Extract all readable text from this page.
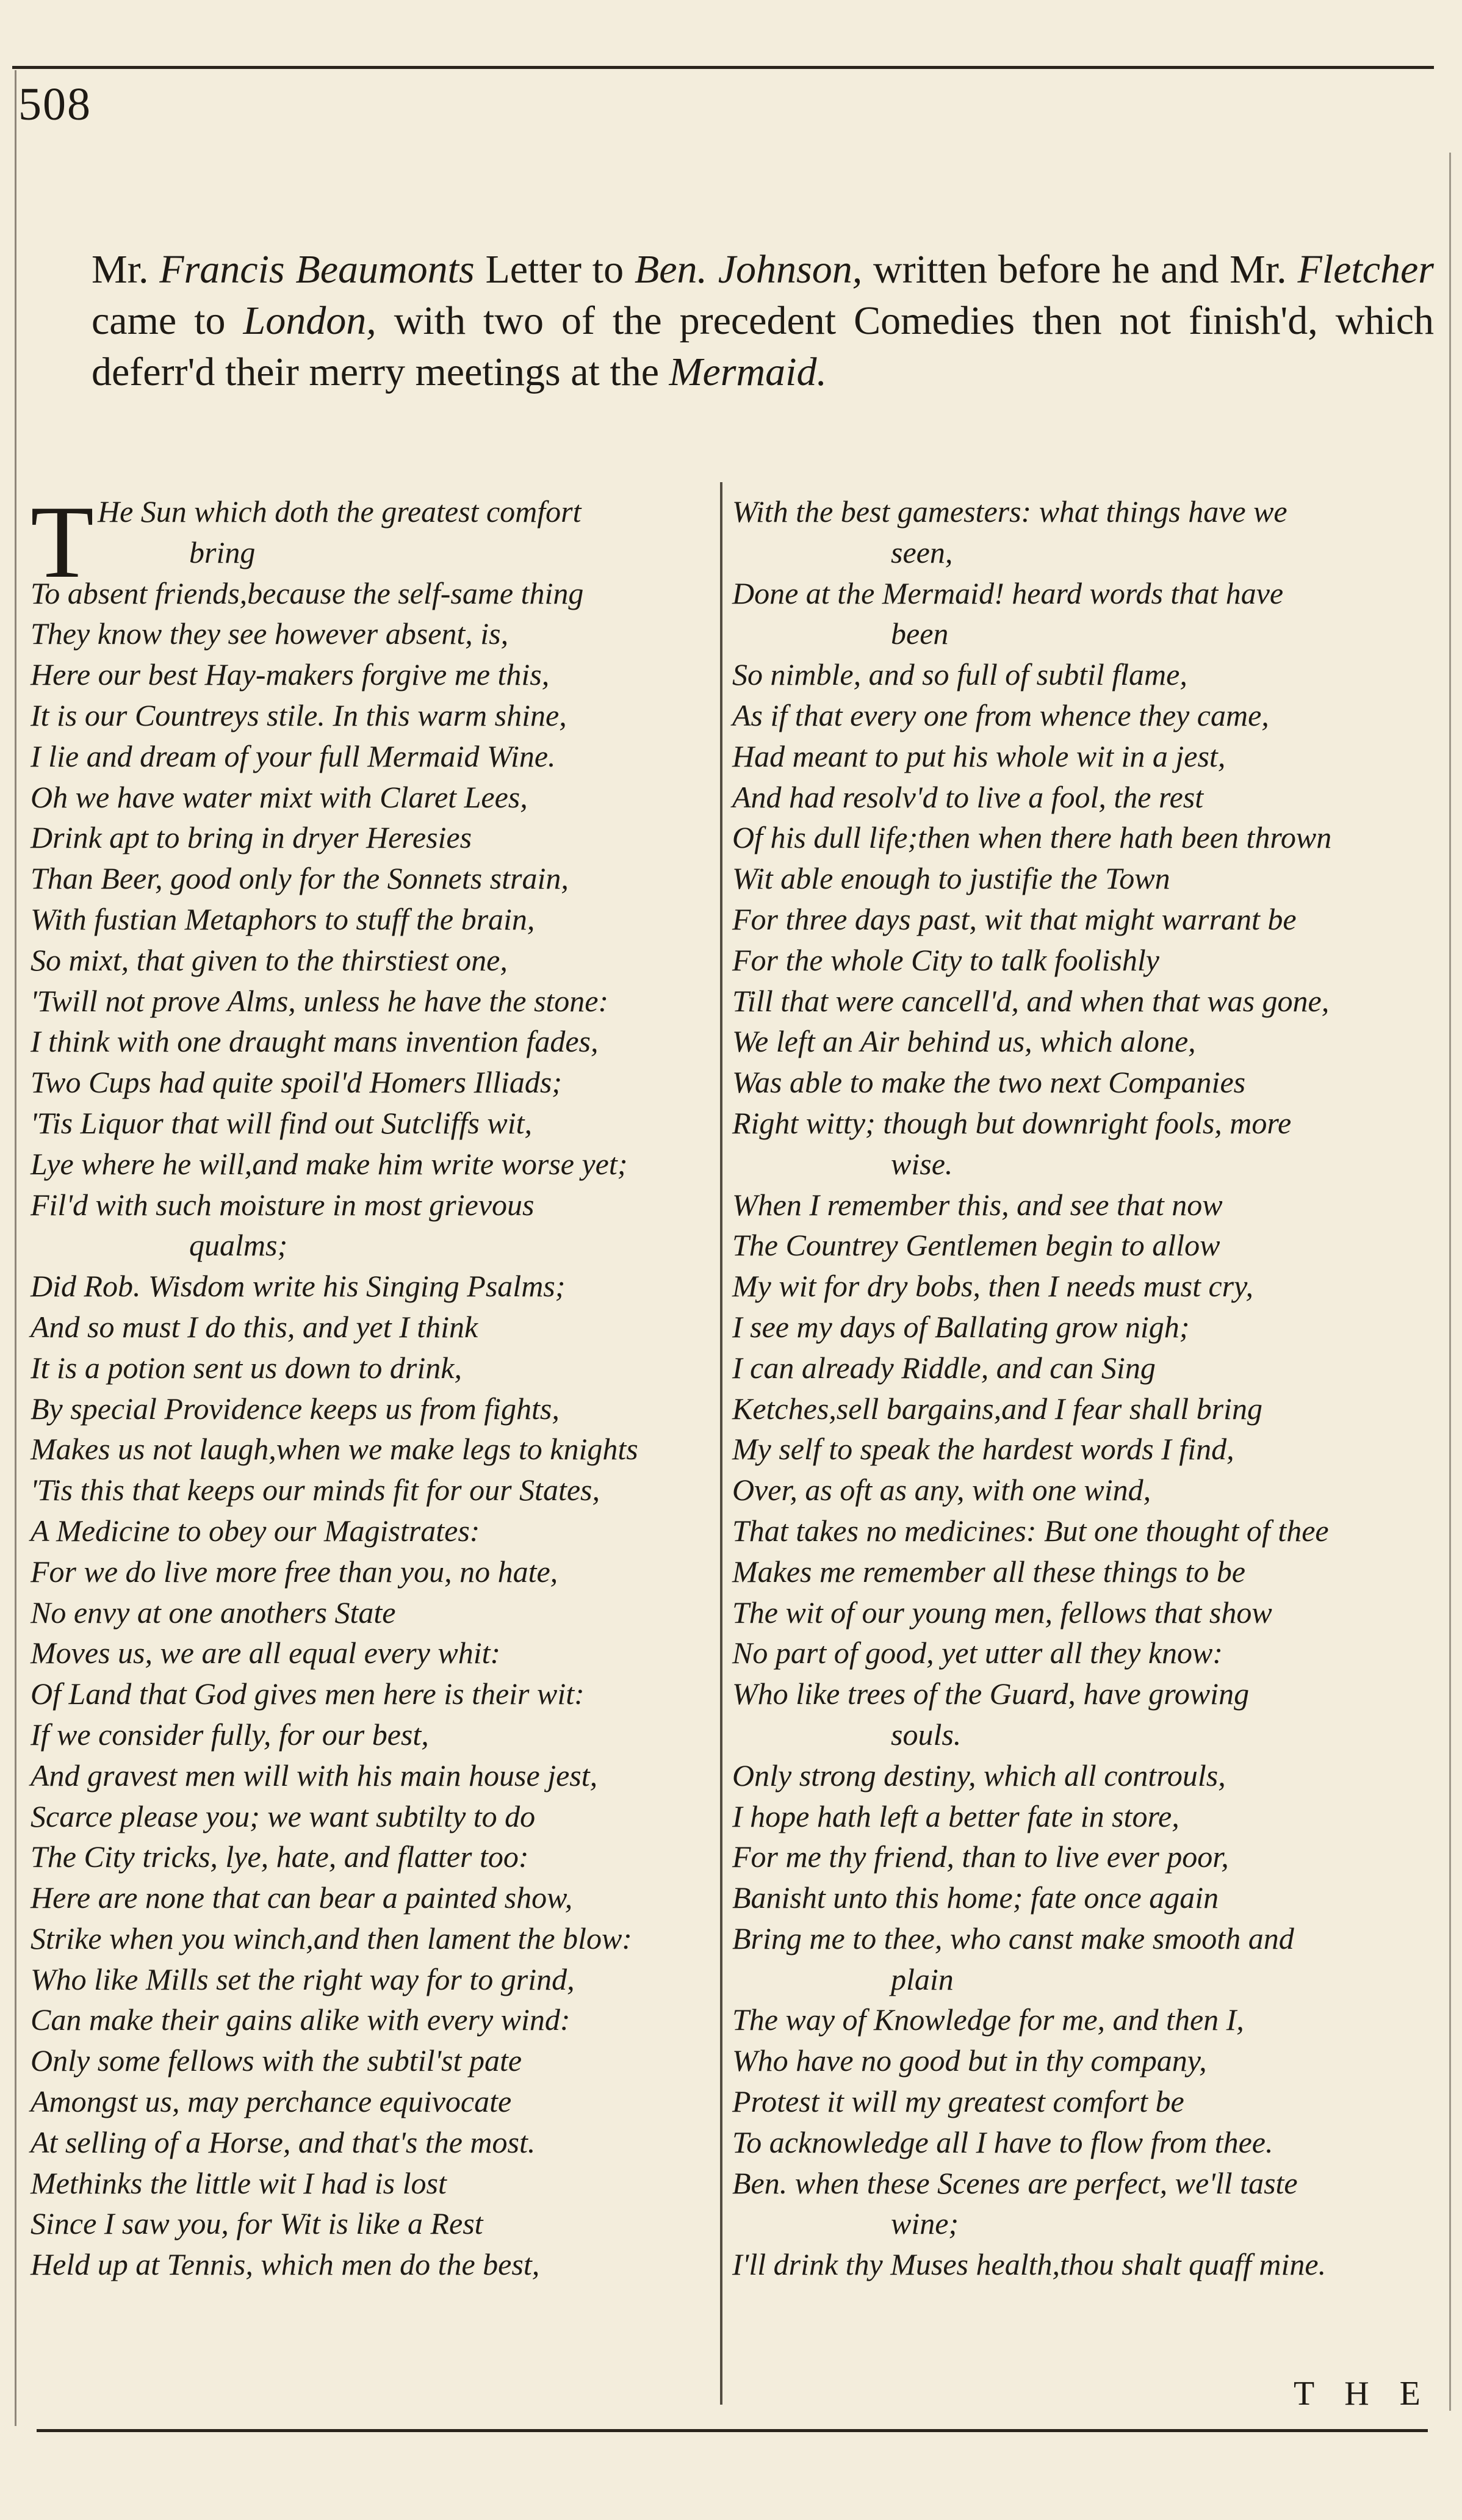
508
Mr. Francis Beaumonts Letter to Ben. Johnson, written before he and Mr. Fletcher came to London, with two of the precedent Comedies then not finish'd, which deferr'd their merry meetings at the Mermaid.
T He Sun which doth the greatest comfort
bring
To absent friends,because the self-same thing
They know they see however absent, is,
Here our best Hay-makers forgive me this,
It is our Countreys stile. In this warm shine,
I lie and dream of your full Mermaid Wine.
Oh we have water mixt with Claret Lees,
Drink apt to bring in dryer Heresies
Than Beer, good only for the Sonnets strain,
With fustian Metaphors to stuff the brain,
So mixt, that given to the thirstiest one,
'Twill not prove Alms, unless he have the stone:
I think with one draught mans invention fades,
Two Cups had quite spoil'd Homers Illiads;
'Tis Liquor that will find out Sutcliffs wit,
Lye where he will,and make him write worse yet;
Fil'd with such moisture in most grievous
qualms;
Did Rob. Wisdom write his Singing Psalms;
And so must I do this, and yet I think
It is a potion sent us down to drink,
By special Providence keeps us from fights,
Makes us not laugh,when we make legs to knights
'Tis this that keeps our minds fit for our States,
A Medicine to obey our Magistrates:
For we do live more free than you, no hate,
No envy at one anothers State
Moves us, we are all equal every whit:
Of Land that God gives men here is their wit:
If we consider fully, for our best,
And gravest men will with his main house jest,
Scarce please you; we want subtilty to do
The City tricks, lye, hate, and flatter too:
Here are none that can bear a painted show,
Strike when you winch,and then lament the blow:
Who like Mills set the right way for to grind,
Can make their gains alike with every wind:
Only some fellows with the subtil'st pate
Amongst us, may perchance equivocate
At selling of a Horse, and that's the most.
Methinks the little wit I had is lost
Since I saw you, for Wit is like a Rest
Held up at Tennis, which men do the best,
With the best gamesters: what things have we
seen,
Done at the Mermaid! heard words that have
been
So nimble, and so full of subtil flame,
As if that every one from whence they came,
Had meant to put his whole wit in a jest,
And had resolv'd to live a fool, the rest
Of his dull life;then when there hath been thrown
Wit able enough to justifie the Town
For three days past, wit that might warrant be
For the whole City to talk foolishly
Till that were cancell'd, and when that was gone,
We left an Air behind us, which alone,
Was able to make the two next Companies
Right witty; though but downright fools, more
wise.
When I remember this, and see that now
The Countrey Gentlemen begin to allow
My wit for dry bobs, then I needs must cry,
I see my days of Ballating grow nigh;
I can already Riddle, and can Sing
Ketches,sell bargains,and I fear shall bring
My self to speak the hardest words I find,
Over, as oft as any, with one wind,
That takes no medicines: But one thought of thee
Makes me remember all these things to be
The wit of our young men, fellows that show
No part of good, yet utter all they know:
Who like trees of the Guard, have growing
souls.
Only strong destiny, which all controuls,
I hope hath left a better fate in store,
For me thy friend, than to live ever poor,
Banisht unto this home; fate once again
Bring me to thee, who canst make smooth and
plain
The way of Knowledge for me, and then I,
Who have no good but in thy company,
Protest it will my greatest comfort be
To acknowledge all I have to flow from thee.
Ben. when these Scenes are perfect, we'll taste
wine;
I'll drink thy Muses health,thou shalt quaff mine.
T H E
